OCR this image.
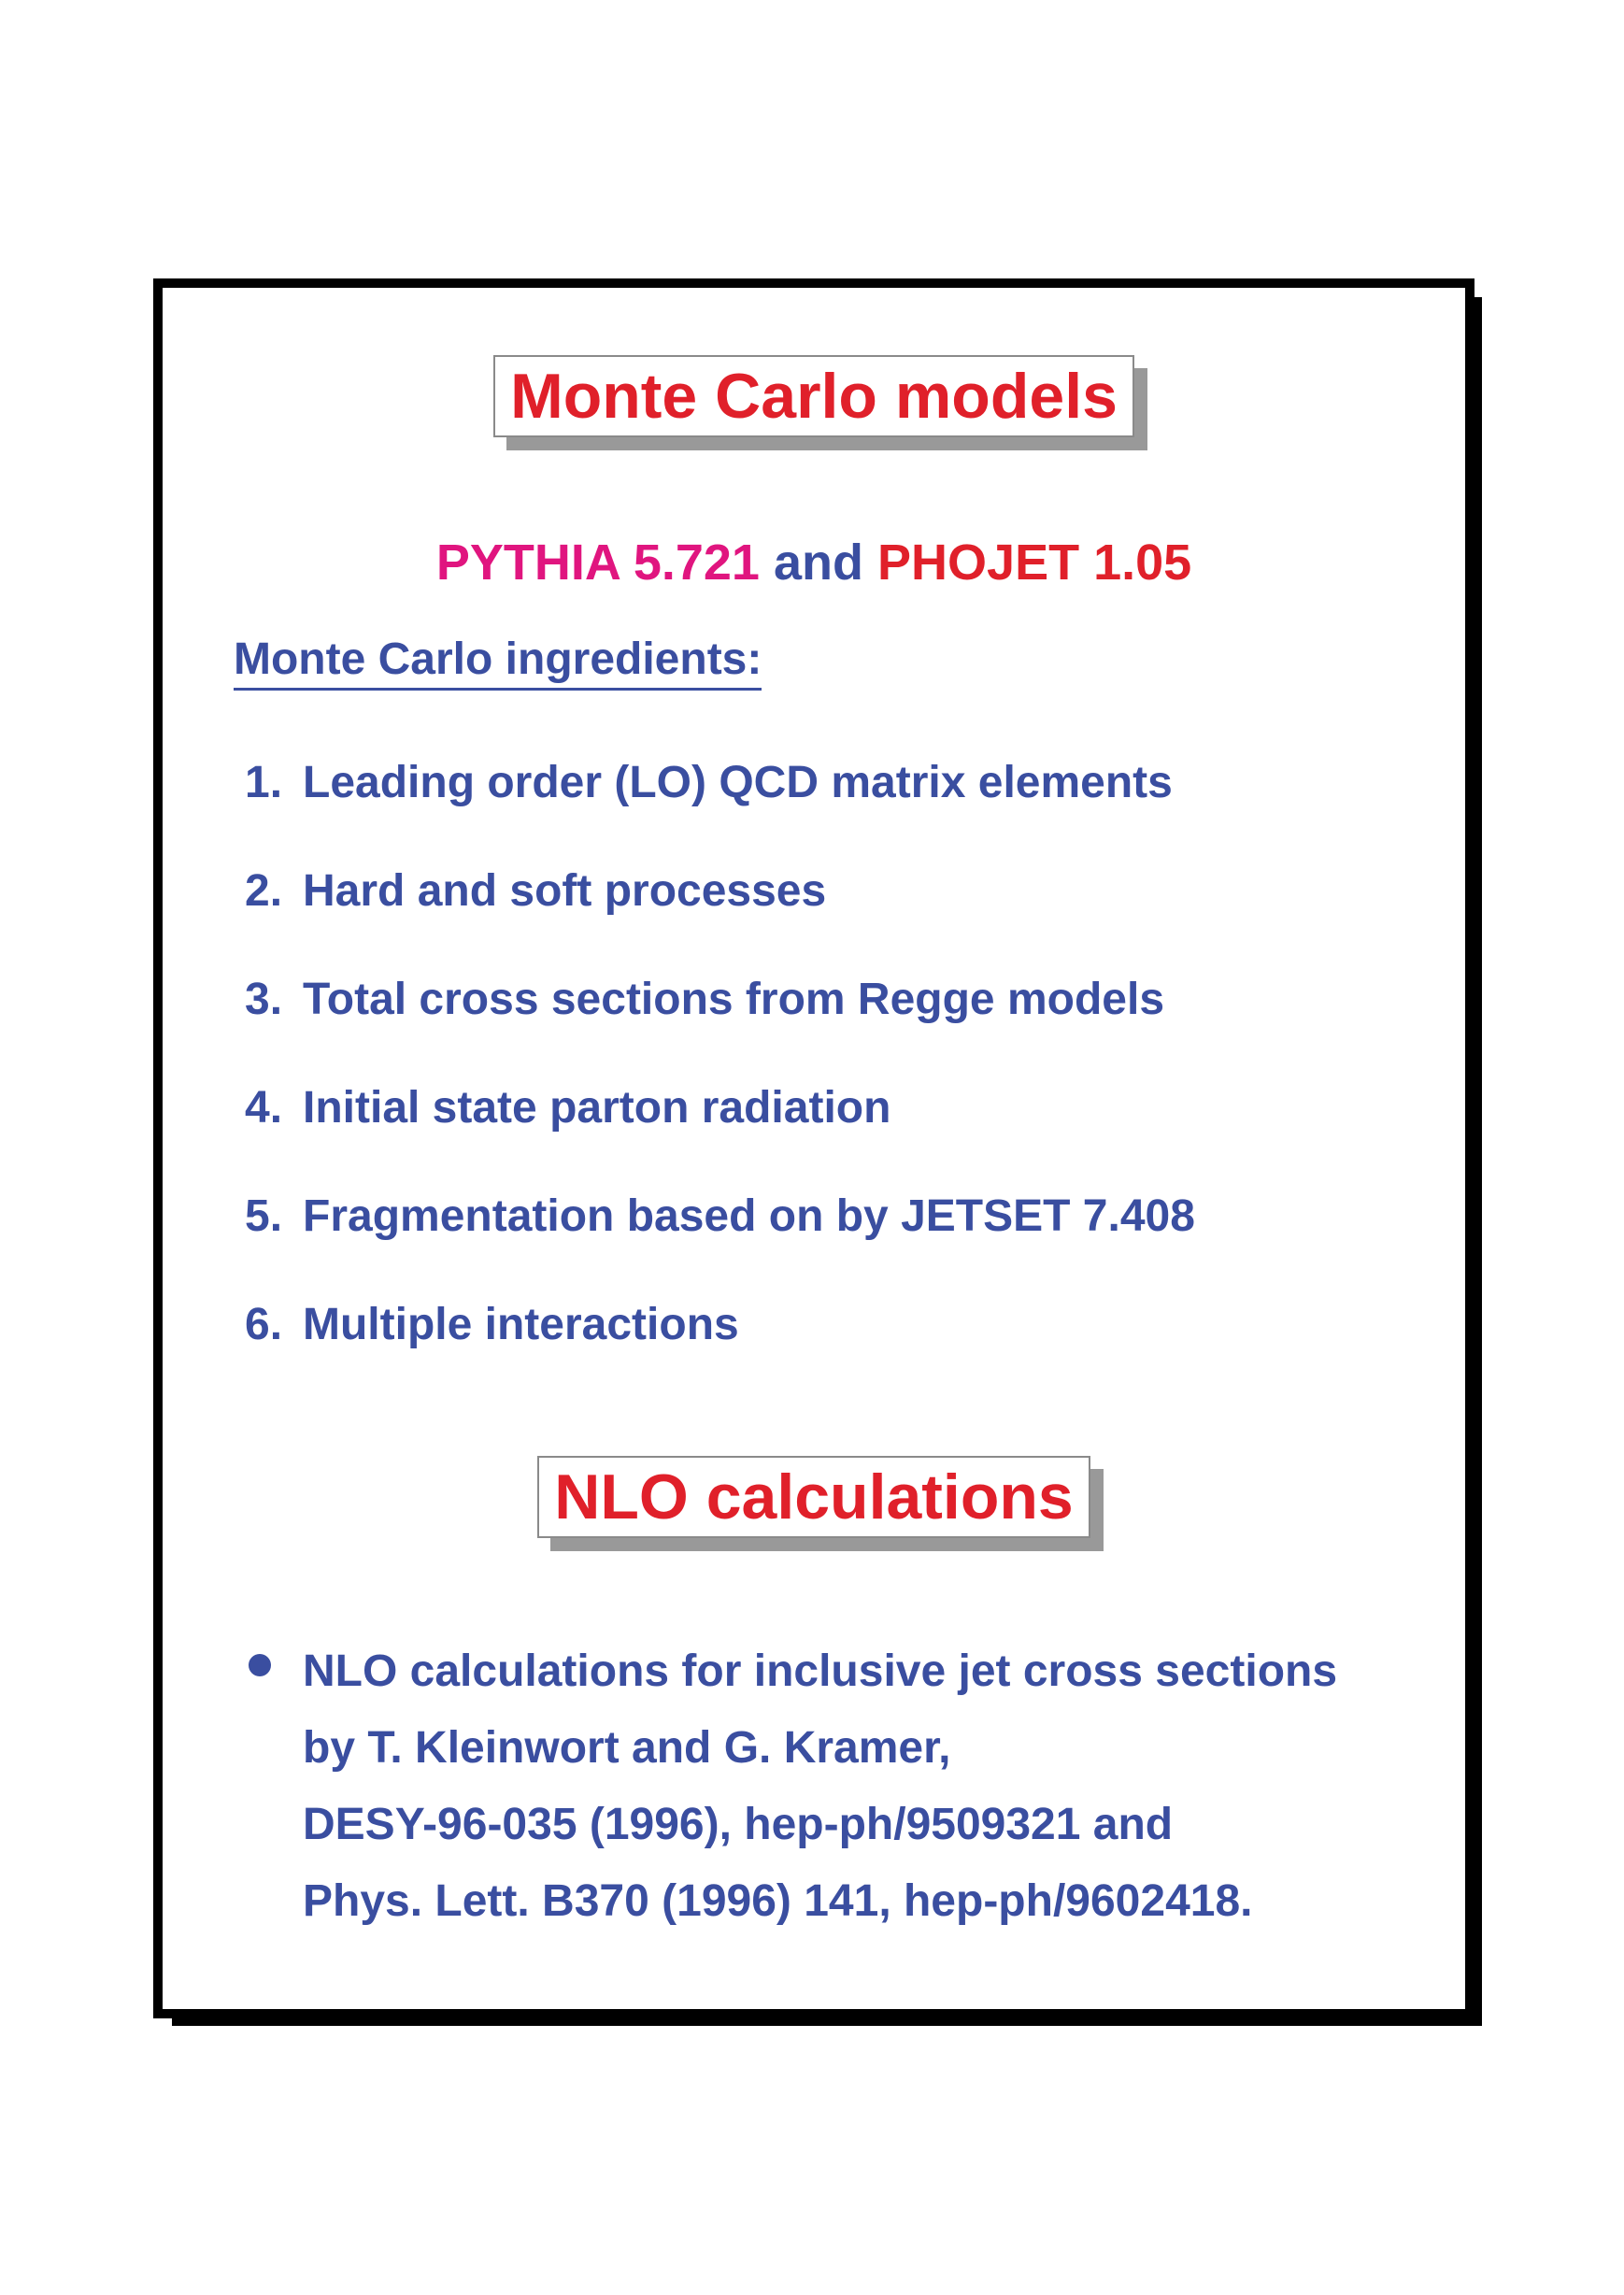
Monte Carlo models
PYTHIA 5.721 and PHOJET 1.05
Monte Carlo ingredients:
1. Leading order (LO) QCD matrix elements
2. Hard and soft processes
3. Total cross sections from Regge models
4. Initial state parton radiation
5. Fragmentation based on by JETSET 7.408
6. Multiple interactions
NLO calculations
NLO calculations for inclusive jet cross sections
by T. Kleinwort and G. Kramer,
DESY-96-035 (1996), hep-ph/9509321 and
Phys. Lett. B370 (1996) 141, hep-ph/9602418.
